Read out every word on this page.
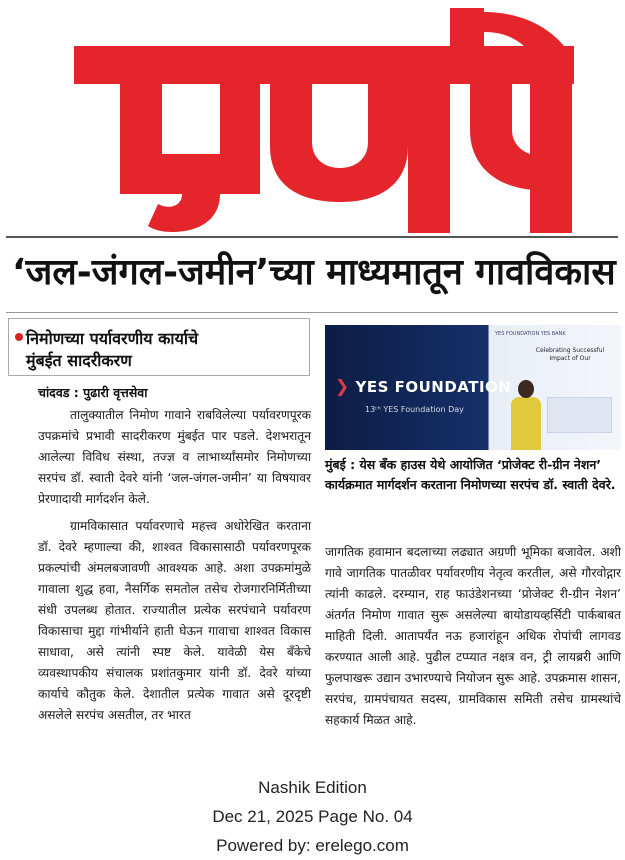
‘जल-जंगल-जमीन’च्या माध्यमातून गावविकास
निमोणच्या पर्यावरणीय कार्याचे
मुंबईत सादरीकरण
YES FOUNDATION YES BANK
Celebrating Successful Impact of Our
❯ YES FOUNDATION
13ᵗʰ YES Foundation Day
मुंबई : येस बँक हाउस येथे आयोजित ‘प्रोजेक्ट री-ग्रीन नेशन’ कार्यक्रमात मार्गदर्शन करताना निमोणच्या सरपंच डॉ. स्वाती देवरे.
चांदवड : पुढारी वृत्तसेवा
तालुक्यातील निमोण गावाने राबविलेल्या पर्यावरणपूरक उपक्रमांचे प्रभावी सादरीकरण मुंबईत पार पडले. देशभरातून आलेल्या विविध संस्था, तज्ज्ञ व लाभार्थ्यांसमोर निमोणच्या सरपंच डॉ. स्वाती देवरे यांनी ‘जल-जंगल-जमीन’ या विषयावर प्रेरणादायी मार्गदर्शन केले.
ग्रामविकासात पर्यावरणाचे महत्त्व अधोरेखित करताना डॉ. देवरे म्हणाल्या की, शाश्वत विकासासाठी पर्यावरणपूरक प्रकल्पांची अंमलबजावणी आवश्यक आहे. अशा उपक्रमांमुळे गावाला शुद्ध हवा, नैसर्गिक समतोल तसेच रोजगारनिर्मितीच्या संधी उपलब्ध होतात. राज्यातील प्रत्येक सरपंचाने पर्यावरण विकासाचा मुद्दा गांभीर्याने हाती घेऊन गावाचा शाश्वत विकास साधावा, असे त्यांनी स्पष्ट केले. यावेळी येस बँकेचे व्यवस्थापकीय संचालक प्रशांतकुमार यांनी डॉ. देवरे यांच्या कार्याचे कौतुक केले. देशातील प्रत्येक गावात असे दूरदृष्टी असलेले सरपंच असतील, तर भारत
जागतिक हवामान बदलाच्या लढ्यात अग्रणी भूमिका बजावेल. अशी गावे जागतिक पातळीवर पर्यावरणीय नेतृत्व करतील, असे गौरवोद्गार त्यांनी काढले. दरम्यान, राह फाउंडेशनच्या ‘प्रोजेक्ट री-ग्रीन नेशन’ अंतर्गत निमोण गावात सुरू असलेल्या बायोडायव्हर्सिटी पार्कबाबत माहिती दिली. आतापर्यंत नऊ हजारांहून अधिक रोपांची लागवड करण्यात आली आहे. पुढील टप्प्यात नक्षत्र वन, ट्री लायब्ररी आणि फुलपाखरू उद्यान उभारण्याचे नियोजन सुरू आहे. उपक्रमास शासन, सरपंच, ग्रामपंचायत सदस्य, ग्रामविकास समिती तसेच ग्रामस्थांचे सहकार्य मिळत आहे.
Nashik Edition
Dec 21, 2025 Page No. 04
Powered by: erelego.com
